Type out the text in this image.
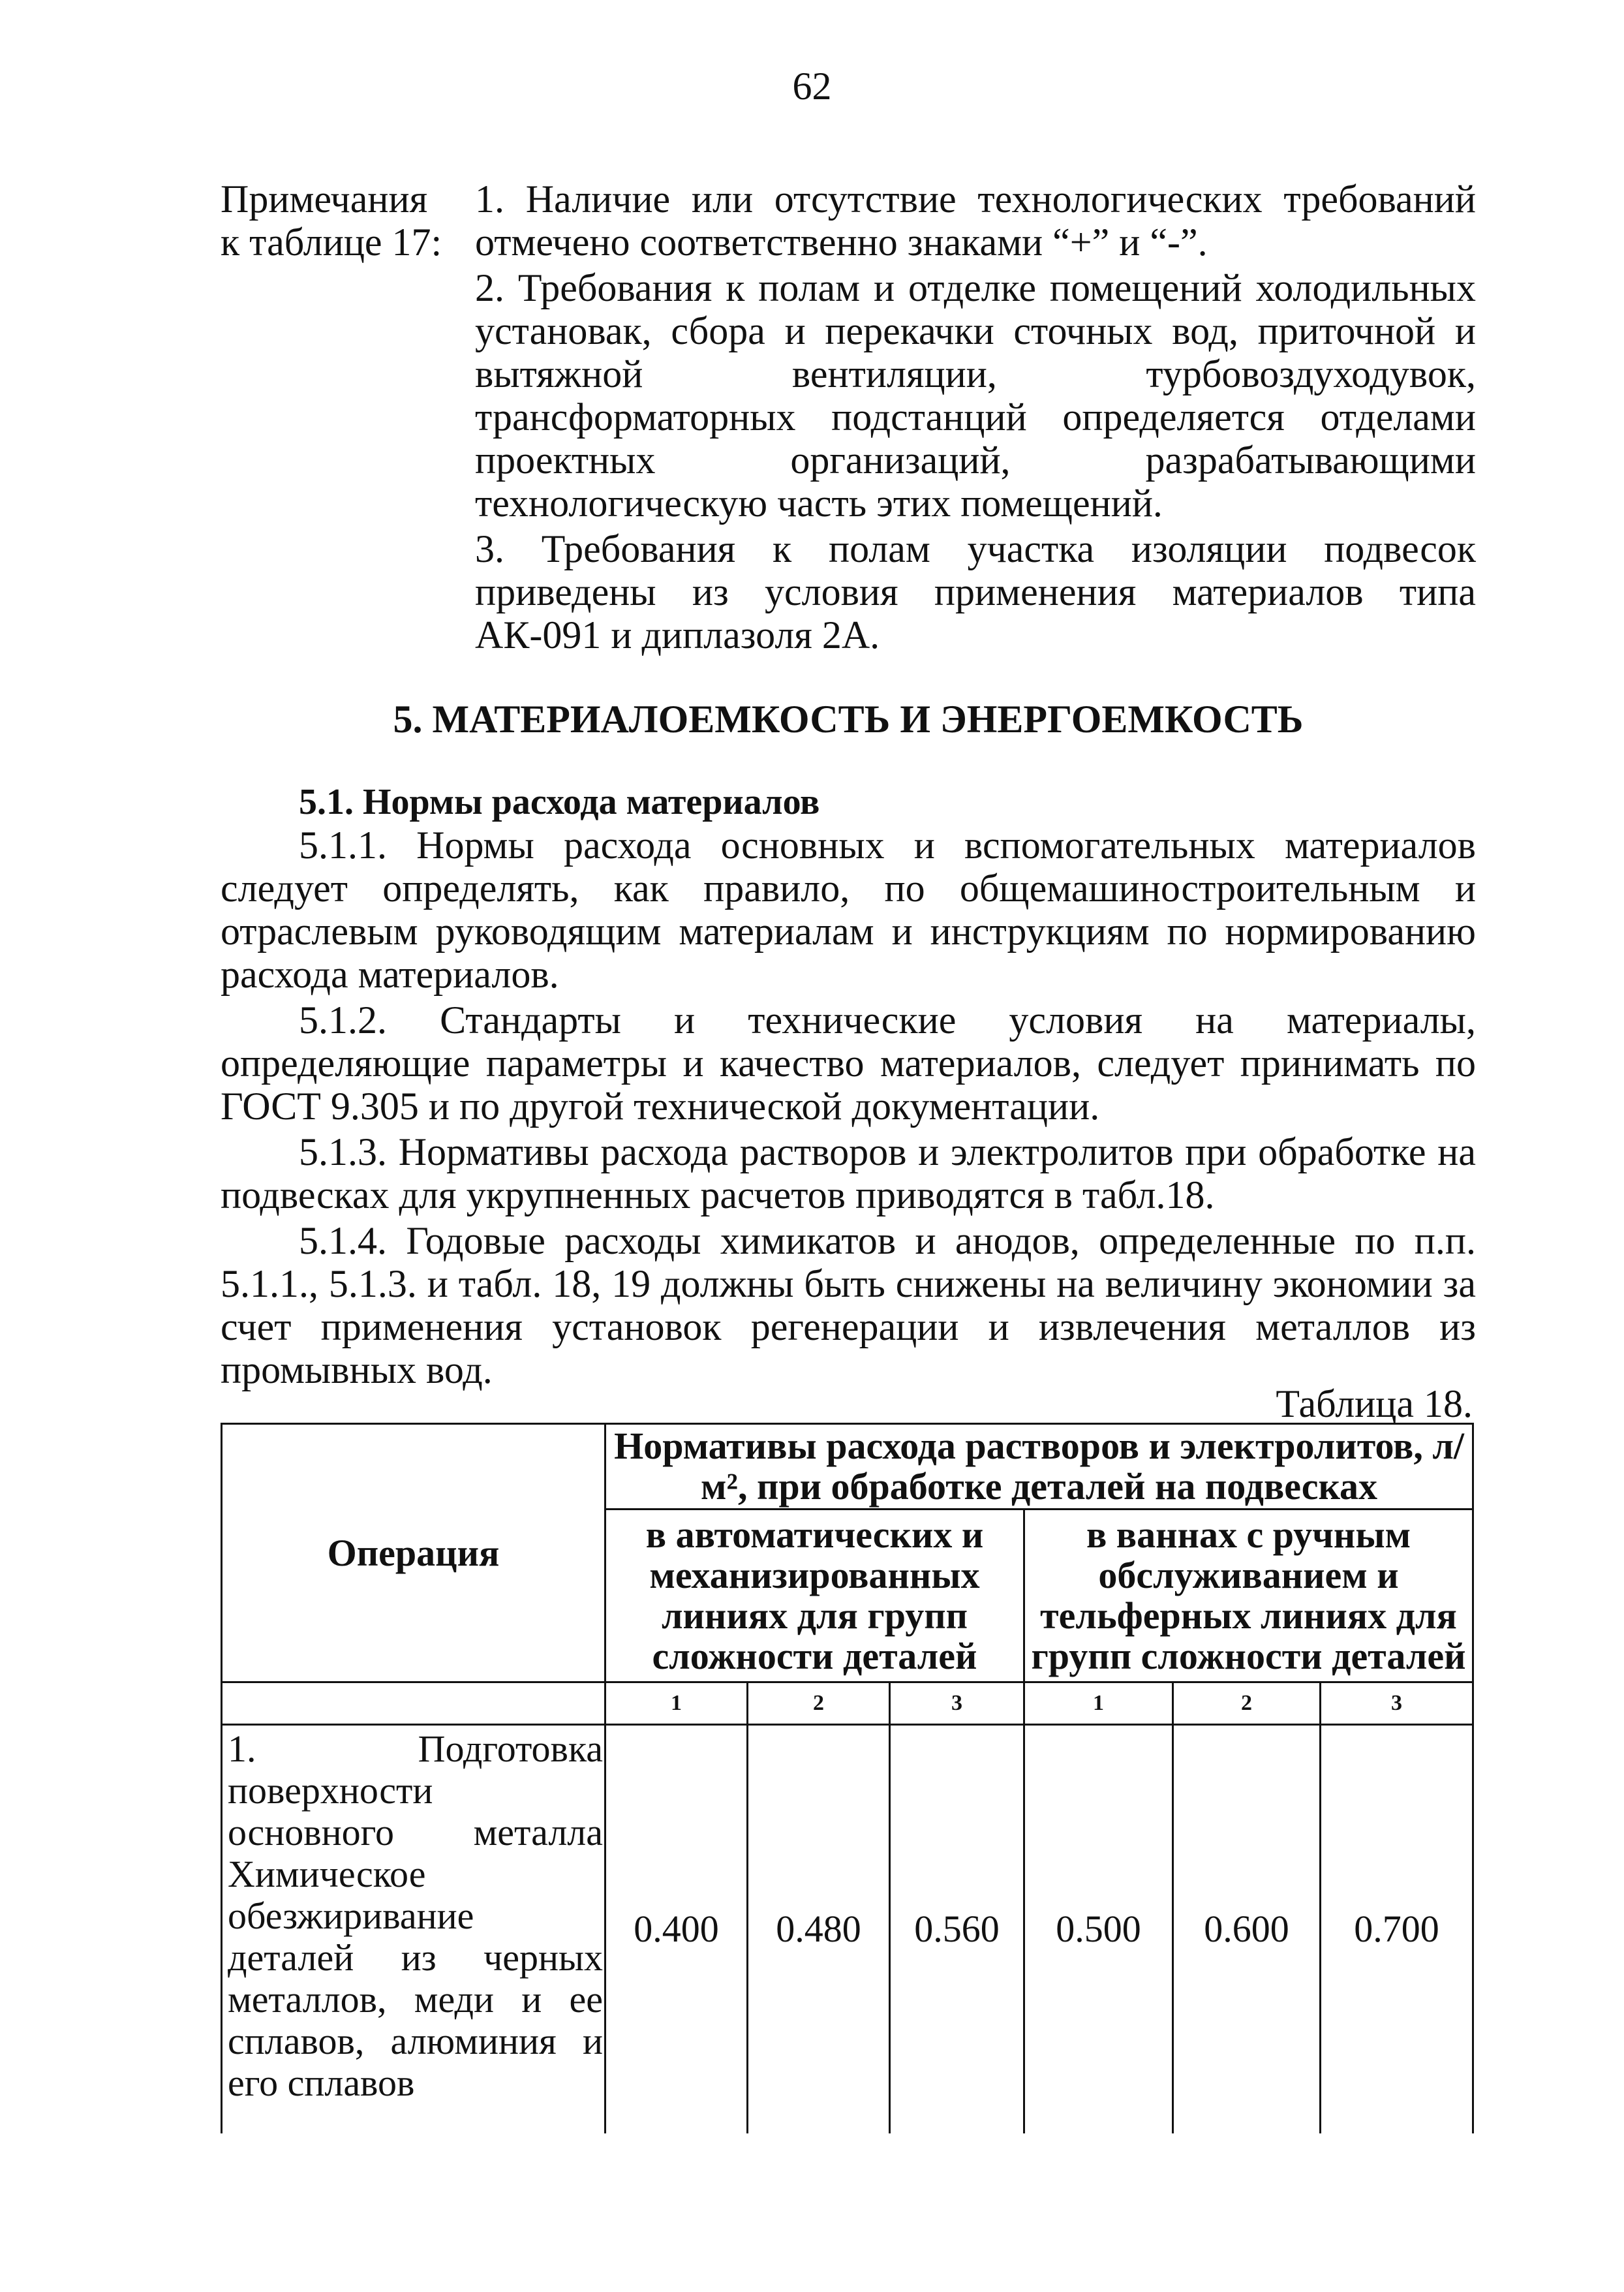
62
Примечания
к таблице 17:

1. Наличие или отсутствие технологических требований отмечено соответственно знаками “+” и “-”.

2. Требования к полам и отделке помещений холодильных установак, сбора и перекачки сточных вод, приточной и вытяжной вентиляции, турбовоздуходувок, трансформаторных подстанций определяется отделами проектных организаций, разрабатывающими технологическую часть этих помещений.

3. Требования к полам участка изоляции подвесок приведены из условия применения материалов типа АК-091 и диплазоля 2А.

5. МАТЕРИАЛОЕМКОСТЬ И ЭНЕРГОЕМКОСТЬ
5.1. Нормы расхода материалов

5.1.1. Нормы расхода основных и вспомогательных материалов следует определять, как правило, по общемашиностроительным и отраслевым руководящим материалам и инструкциям по нормированию расхода материалов.

5.1.2. Стандарты и технические условия на материалы, определяющие параметры и качество материалов, следует принимать по ГОСТ 9.305 и по другой технической документации.

5.1.3. Нормативы расхода растворов и электролитов при обработке на подвесках для укрупненных расчетов приводятся в табл.18.

5.1.4. Годовые расходы химикатов и анодов, определенные по п.п. 5.1.1., 5.1.3. и табл. 18, 19 должны быть снижены на величину экономии за счет применения установок регенерации и извлечения металлов из промывных вод.

Таблица 18.
Операция	Нормативы расхода растворов и электролитов, л/м², при обработке деталей на подвесках					
	в автоматических и механизированных линиях для групп сложности деталей			в ваннах с ручным обслуживанием и тельферных линиях для групп сложности деталей		
	1	2	3	1	2	3
1. Подготовка поверхности основного металла Химическое обезжиривание деталей из черных металлов, меди и ее сплавов, алюминия и его сплавов	0.400	0.480	0.560	0.500	0.600	0.700
